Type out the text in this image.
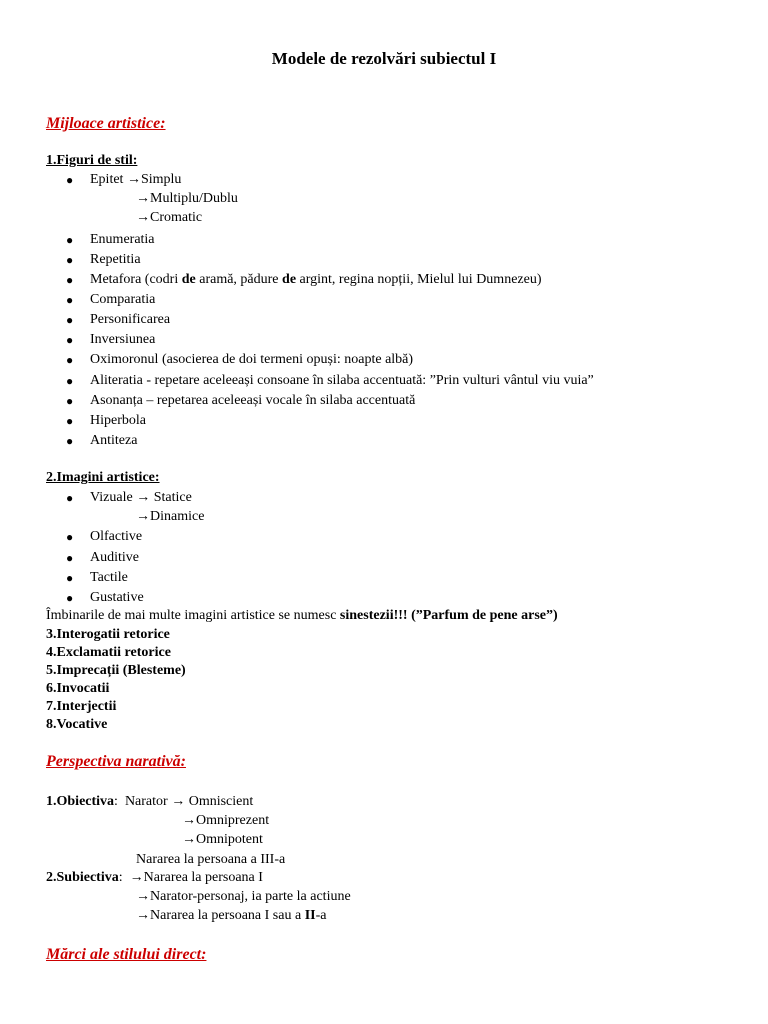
Modele de rezolvări subiectul I
Mijloace artistice:
1.Figuri de stil:
● Epitet →Simplu
→Multiplu/Dublu
→Cromatic
● Enumeratia
● Repetitia
● Metafora (codri de aramă, pădure de argint, regina nopții, Mielul lui Dumnezeu)
● Comparatia
● Personificarea
● Inversiunea
● Oximoronul (asocierea de doi termeni opuși: noapte albă)
● Aliteratia - repetare aceleeași consoane în silaba accentuată: ”Prin vulturi vântul viu vuia”
● Asonanța – repetarea aceleeași vocale în silaba accentuată
● Hiperbola
● Antiteza
2.Imagini artistice:
● Vizuale → Statice
→Dinamice
● Olfactive
● Auditive
● Tactile
● Gustative
Îmbinarile de mai multe imagini artistice se numesc sinestezii!!! (”Parfum de pene arse”)
3.Interogatii retorice
4.Exclamatii retorice
5.Imprecații (Blesteme)
6.Invocatii
7.Interjectii
8.Vocative
Perspectiva narativă:
1.Obiectiva: Narator → Omniscient
→Omniprezent
→Omnipotent
Nararea la persoana a III-a
2.Subiectiva: →Nararea la persoana I
→Narator-personaj, ia parte la actiune
→Nararea la persoana I sau a II-a
Mărci ale stilului direct:
